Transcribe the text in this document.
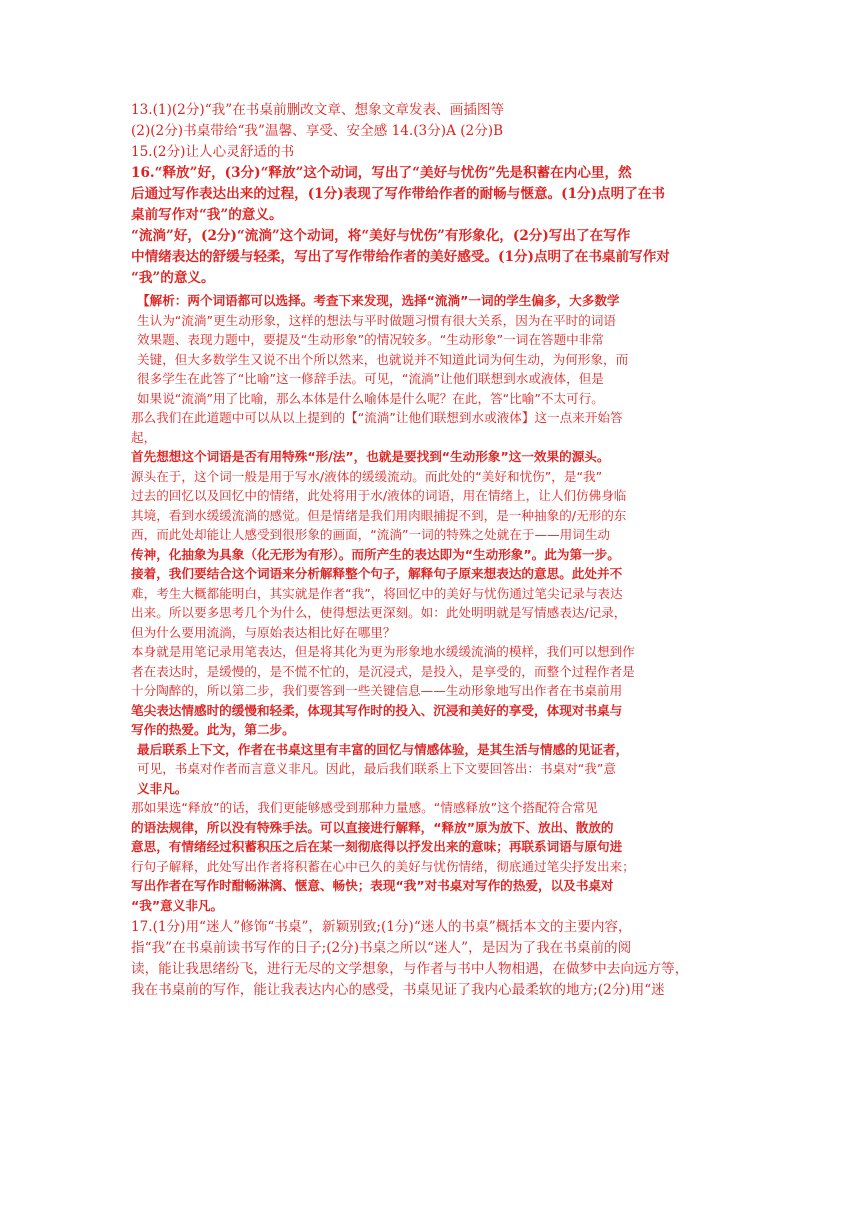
13.(1)(2分)“我”在书桌前删改文章、想象文章发表、画插图等
(2)(2分)书桌带给“我”温馨、享受、安全感 14.(3分)A (2分)B
15.(2分)让人心灵舒适的书
16.“释放”好，(3分)“释放”这个动词，写出了“美好与忧伤”先是积蓄在内心里，然
后通过写作表达出来的过程，(1分)表现了写作带给作者的耐畅与惬意。(1分)点明了在书
桌前写作对“我”的意义。
“流淌”好，(2分)“流淌”这个动词，将“美好与忧伤”有形象化，(2分)写出了在写作
中情绪表达的舒缓与轻柔，写出了写作带给作者的美好感受。(1分)点明了在书桌前写作对
“我”的意义。
【解析：两个词语都可以选择。考查下来发现，选择“流淌”一词的学生偏多，大多数学
生认为“流淌”更生动形象，这样的想法与平时做题习惯有很大关系，因为在平时的词语
效果题、表现力题中，要提及“生动形象”的情况较多。“生动形象”一词在答题中非常
关键，但大多数学生又说不出个所以然来，也就说并不知道此词为何生动，为何形象，而
很多学生在此答了“比喻”这一修辞手法。可见，“流淌”让他们联想到水或液体，但是
如果说“流淌”用了比喻，那么本体是什么喻体是什么呢？在此，答“比喻”不太可行。
那么我们在此道题中可以从以上提到的【“流淌”让他们联想到水或液体】这一点来开始答
起，
首先想想这个词语是否有用特殊“形/法”，也就是要找到“生动形象”这一效果的源头。
源头在于，这个词一般是用于写水/液体的缓缓流动。而此处的“美好和忧伤”，是“我”
过去的回忆以及回忆中的情绪，此处将用于水/液体的词语，用在情绪上，让人们仿佛身临
其境，看到水缓缓流淌的感觉。但是情绪是我们用肉眼捕捉不到，是一种抽象的/无形的东
西，而此处却能让人感受到很形象的画面，“流淌”一词的特殊之处就在于——用词生动
传神，化抽象为具象（化无形为有形）。而所产生的表达即为“生动形象”。此为第一步。
接着，我们要结合这个词语来分析解释整个句子，解释句子原来想表达的意思。此处并不
难，考生大概都能明白，其实就是作者“我”，将回忆中的美好与忧伤通过笔尖记录与表达
出来。所以要多思考几个为什么，使得想法更深刻。如：此处明明就是写情感表达/记录，
但为什么要用流淌，与原始表达相比好在哪里？
本身就是用笔记录用笔表达，但是将其化为更为形象地水缓缓流淌的模样，我们可以想到作
者在表达时，是缓慢的，是不慌不忙的，是沉浸式，是投入，是享受的，而整个过程作者是
十分陶醉的，所以第二步，我们要答到一些关键信息——生动形象地写出作者在书桌前用
笔尖表达情感时的缓慢和轻柔，体现其写作时的投入、沉浸和美好的享受，体现对书桌与
写作的热爱。此为，第二步。
最后联系上下文，作者在书桌这里有丰富的回忆与情感体验，是其生活与情感的见证者，
可见，书桌对作者而言意义非凡。因此，最后我们联系上下文要回答出：书桌对“我”意
义非凡。
那如果选“释放”的话，我们更能够感受到那种力量感。“情感释放”这个搭配符合常见
的语法规律，所以没有特殊手法。可以直接进行解释，“释放”原为放下、放出、散放的
意思，有情绪经过积蓄积压之后在某一刻彻底得以抒发出来的意味；再联系词语与原句进
行句子解释，此处写出作者将积蓄在心中已久的美好与忧伤情绪，彻底通过笔尖抒发出来；
写出作者在写作时酣畅淋漓、惬意、畅快；表现“我”对书桌对写作的热爱，以及书桌对
“我”意义非凡。
17.(1分)用“迷人”修饰“书桌”，新颖别致;(1分)“迷人的书桌”概括本文的主要内容，
指“我”在书桌前读书写作的日子;(2分)书桌之所以“迷人”，是因为了我在书桌前的阅
读，能让我思绪纷飞，进行无尽的文学想象，与作者与书中人物相遇，在做梦中去向远方等，
我在书桌前的写作，能让我表达内心的感受，书桌见证了我内心最柔软的地方;(2分)用“迷
